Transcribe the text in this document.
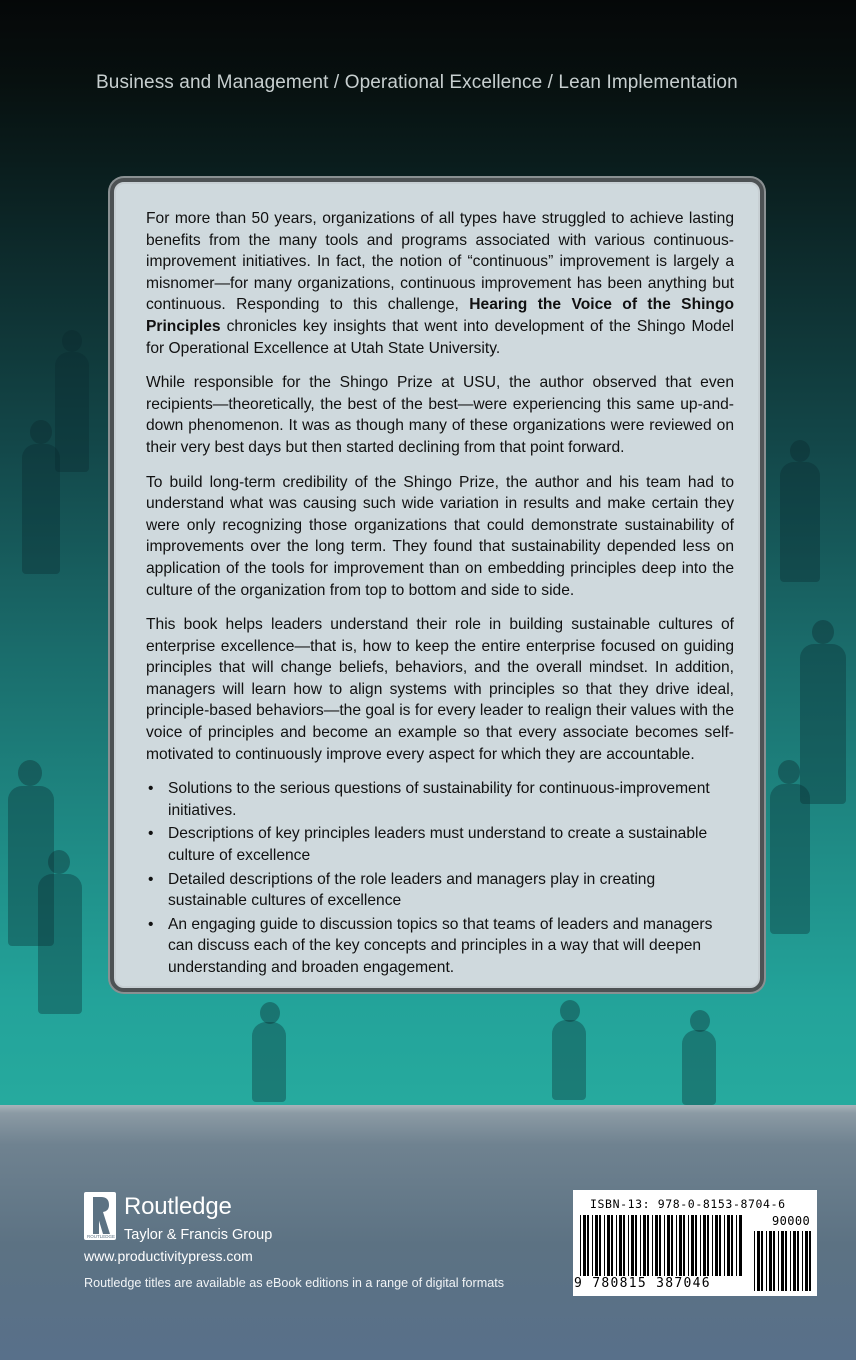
Business and Management / Operational Excellence / Lean Implementation

For more than 50 years, organizations of all types have struggled to achieve lasting benefits from the many tools and programs associated with various continuous-improvement initiatives. In fact, the notion of “continuous” improvement is largely a misnomer—for many organizations, continuous improvement has been anything but continuous. Responding to this challenge, Hearing the Voice of the Shingo Principles chronicles key insights that went into development of the Shingo Model for Operational Excellence at Utah State University.

While responsible for the Shingo Prize at USU, the author observed that even recipients—theoretically, the best of the best—were experiencing this same up-and-down phenomenon. It was as though many of these organizations were reviewed on their very best days but then started declining from that point forward.

To build long-term credibility of the Shingo Prize, the author and his team had to understand what was causing such wide variation in results and make certain they were only recognizing those organizations that could demonstrate sustainability of improvements over the long term. They found that sustainability depended less on application of the tools for improvement than on embedding principles deep into the culture of the organization from top to bottom and side to side.

This book helps leaders understand their role in building sustainable cultures of enterprise excellence—that is, how to keep the entire enterprise focused on guiding principles that will change beliefs, behaviors, and the overall mindset. In addition, managers will learn how to align systems with principles so that they drive ideal, principle-based behaviors—the goal is for every leader to realign their values with the voice of principles and become an example so that every associate becomes self-motivated to continuously improve every aspect for which they are accountable.

• Solutions to the serious questions of sustainability for continuous-improvement initiatives.
• Descriptions of key principles leaders must understand to create a sustainable culture of excellence
• Detailed descriptions of the role leaders and managers play in creating sustainable cultures of excellence
• An engaging guide to discussion topics so that teams of leaders and managers can discuss each of the key concepts and principles in a way that will deepen understanding and broaden engagement.
ROUTLEDGE
Routledge
Taylor & Francis Group
www.productivitypress.com
Routledge titles are available as eBook editions in a range of digital formats
ISBN-13: 978-0-8153-8704-6
90000
9 780815 387046
